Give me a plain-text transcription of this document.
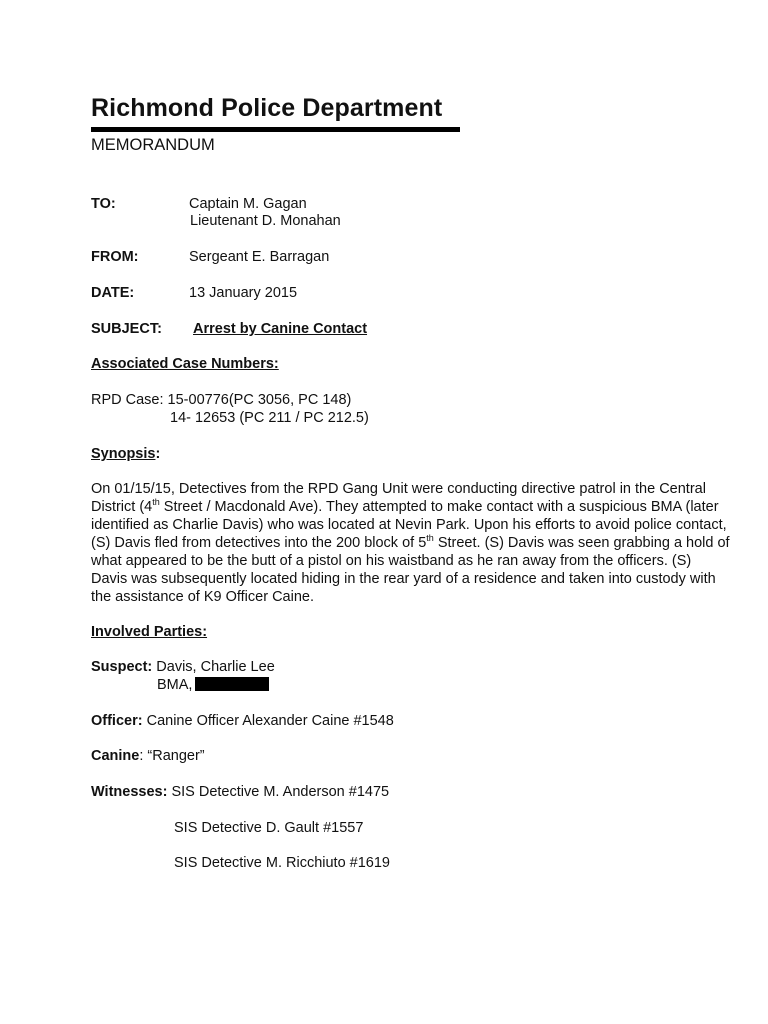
Richmond Police Department
MEMORANDUM
TO:	Captain M. Gagan
Lieutenant D. Monahan
FROM:	Sergeant E. Barragan
DATE:	13 January 2015
SUBJECT: Arrest by Canine Contact
Associated Case Numbers:
RPD Case: 15-00776(PC 3056, PC 148)
14- 12653 (PC 211 / PC 212.5)
Synopsis:
On 01/15/15, Detectives from the RPD Gang Unit were conducting directive patrol in the Central District (4th Street / Macdonald Ave). They attempted to make contact with a suspicious BMA (later identified as Charlie Davis) who was located at Nevin Park. Upon his efforts to avoid police contact, (S) Davis fled from detectives into the 200 block of 5th Street. (S) Davis was seen grabbing a hold of what appeared to be the butt of a pistol on his waistband as he ran away from the officers. (S) Davis was subsequently located hiding in the rear yard of a residence and taken into custody with the assistance of K9 Officer Caine.
Involved Parties:
Suspect: Davis, Charlie Lee
BMA,
Officer: Canine Officer Alexander Caine #1548
Canine: “Ranger”
Witnesses: SIS Detective M. Anderson #1475
SIS Detective D. Gault #1557
SIS Detective M. Ricchiuto #1619
